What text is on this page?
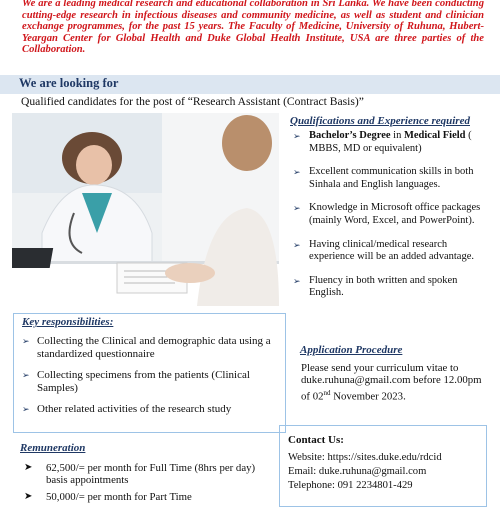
We are a leading medical research and educational collaboration in Sri Lanka. We have been conducting cutting-edge research in infectious diseases and community medicine, as well as student and clinician exchange programmes, for the past 15 years. The Faculty of Medicine, University of Ruhuna, Hubert-Yeargan Center for Global Health and Duke Global Health Institute, USA are three parties of the Collaboration.
We are looking for
Qualified candidates for the post of “Research Assistant (Contract Basis)”
Qualifications and Experience required
➢ Bachelor’s Degree in Medical Field ( MBBS, MD or equivalent)
➢ Excellent communication skills in both Sinhala and English languages.
➢ Knowledge in Microsoft office packages (mainly Word, Excel, and PowerPoint).
➢ Having clinical/medical research experience will be an added advantage.
➢ Fluency in both written and spoken English.
Key responsibilities:
➢ Collecting the Clinical and demographic data using a standardized questionnaire
➢ Collecting specimens from the patients (Clinical Samples)
➢ Other related activities of the research study
Application Procedure
Please send your curriculum vitae to duke.ruhuna@gmail.com before 12.00pm of 02nd November 2023.
Remuneration
➤ 62,500/= per month for Full Time (8hrs per day) basis appointments
➤ 50,000/= per month for Part Time
Contact Us:
Website: https://sites.duke.edu/rdcid
Email: duke.ruhuna@gmail.com
Telephone: 091 2234801-429
